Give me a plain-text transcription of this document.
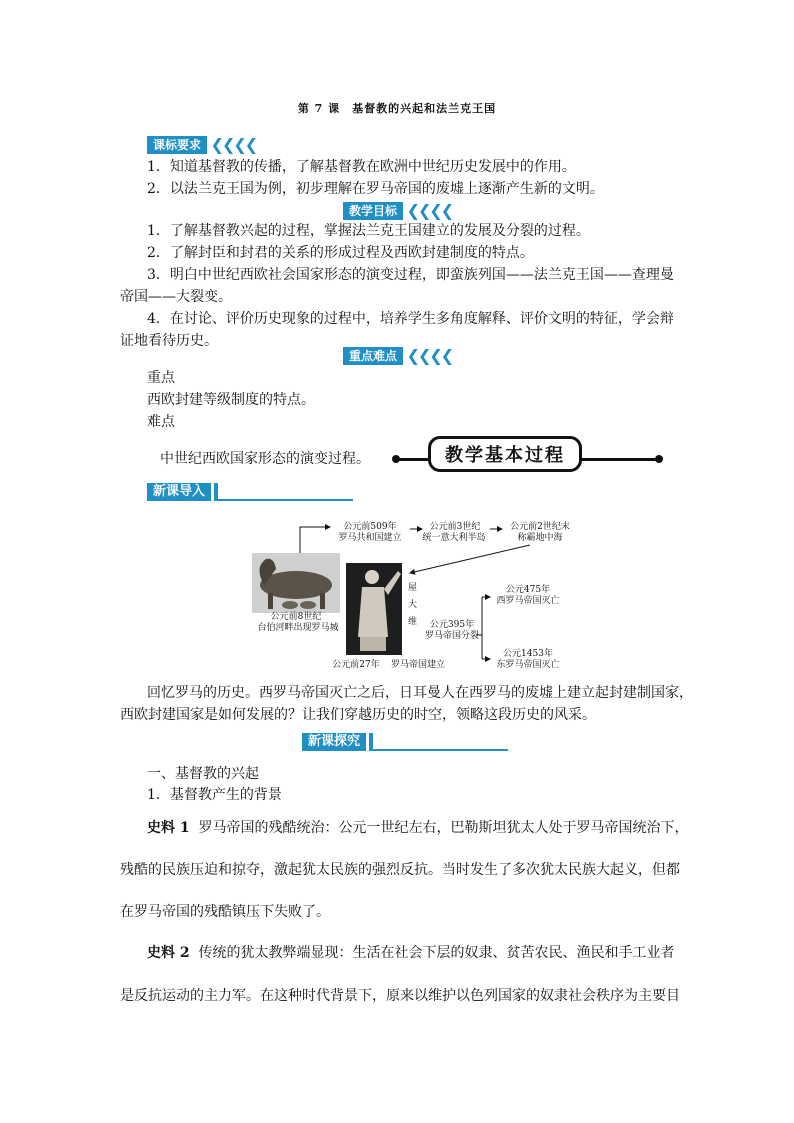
第 7 课　基督教的兴起和法兰克王国
课标要求 ❮❮❮❮
1．知道基督教的传播，了解基督教在欧洲中世纪历史发展中的作用。
2．以法兰克王国为例，初步理解在罗马帝国的废墟上逐渐产生新的文明。
教学目标 ❮❮❮❮
1．了解基督教兴起的过程，掌握法兰克王国建立的发展及分裂的过程。
2．了解封臣和封君的关系的形成过程及西欧封建制度的特点。
3．明白中世纪西欧社会国家形态的演变过程，即蛮族列国——法兰克王国——查理曼
帝国——大裂变。
4．在讨论、评价历史现象的过程中，培养学生多角度解释、评价文明的特征，学会辩
证地看待历史。
重点难点 ❮❮❮❮
重点
西欧封建等级制度的特点。
难点
中世纪西欧国家形态的演变过程。	教学基本过程
新课导入
公元前8世纪
台伯河畔出现罗马城
公元前509年
罗马共和国建立
公元前3世纪
统一意大利半岛
公元前2世纪末
称霸地中海
屋
大
维	公元395年
罗马帝国分裂
公元475年
西罗马帝国灭亡
公元1453年
东罗马帝国灭亡
公元前27年	罗马帝国建立
回忆罗马的历史。西罗马帝国灭亡之后，日耳曼人在西罗马的废墟上建立起封建制国家，
西欧封建国家是如何发展的？让我们穿越历史的时空，领略这段历史的风采。
新课探究
一、基督教的兴起
1．基督教产生的背景
史料 1 罗马帝国的残酷统治：公元一世纪左右，巴勒斯坦犹太人处于罗马帝国统治下，
残酷的民族压迫和掠夺，激起犹太民族的强烈反抗。当时发生了多次犹太民族大起义，但都
在罗马帝国的残酷镇压下失败了。
史料 2 传统的犹太教弊端显现：生活在社会下层的奴隶、贫苦农民、渔民和手工业者
是反抗运动的主力军。在这种时代背景下，原来以维护以色列国家的奴隶社会秩序为主要目
